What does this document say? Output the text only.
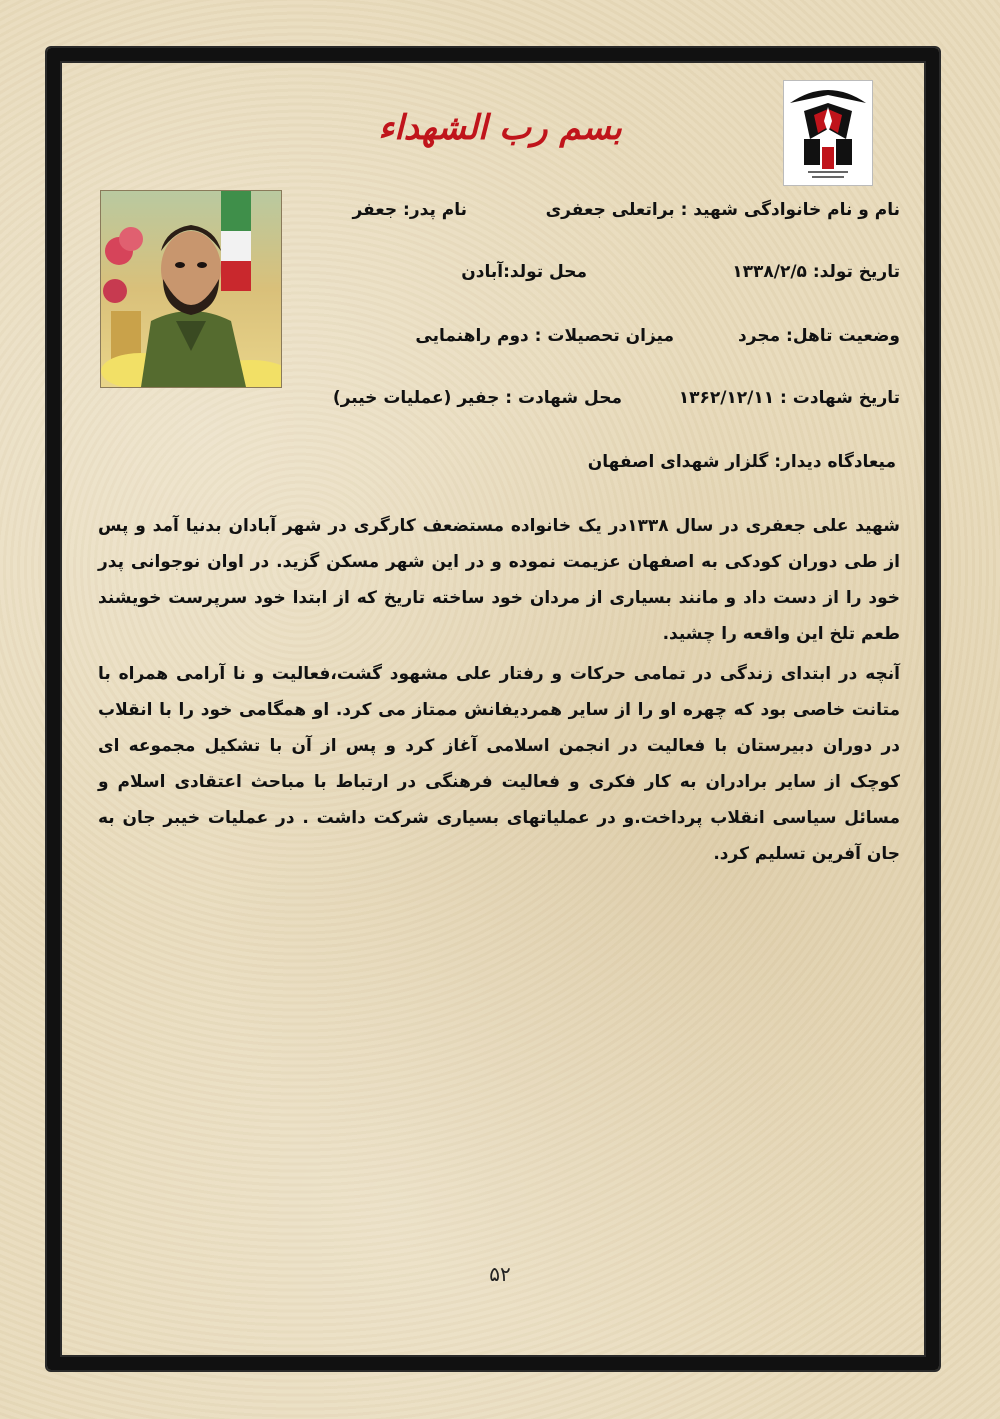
بسم رب الشهداء
نام و نام خانوادگی شهید : براتعلی جعفری
نام پدر: جعفر
تاریخ تولد: ۱۳۳۸/۲/۵
محل تولد:آبادن
وضعیت تاهل: مجرد
میزان تحصیلات : دوم راهنمایی
تاریخ شهادت : ۱۳۶۲/۱۲/۱۱
محل شهادت : جفیر (عملیات خیبر)
میعادگاه دیدار: گلزار شهدای اصفهان
شهید علی جعفری در سال ۱۳۳۸در یک خانواده مستضعف کارگری در شهر آبادان بدنیا آمد و پس از طی دوران کودکی به اصفهان عزیمت نموده و در این شهر مسکن گزید. در اوان نوجوانی پدر خود را از دست داد و مانند بسیاری از مردان خود ساخته تاریخ که از ابتدا خود سرپرست خویشند طعم تلخ این واقعه را چشید.
آنچه در ابتدای زندگی در تمامی حرکات و رفتار علی مشهود گشت،فعالیت و نا آرامی همراه با متانت خاصی بود که چهره او را از سایر همردیفانش ممتاز می کرد. او همگامی خود را با انقلاب در دوران دبیرستان با فعالیت در انجمن اسلامی آغاز کرد و پس از آن با تشکیل مجموعه ای کوچک از سایر برادران به کار فکری و فعالیت فرهنگی در ارتباط با مباحث اعتقادی اسلام و مسائل سیاسی انقلاب پرداخت.و در عملیاتهای بسیاری شرکت داشت . در عملیات خیبر جان به جان آفرین تسلیم کرد.
۵۲
